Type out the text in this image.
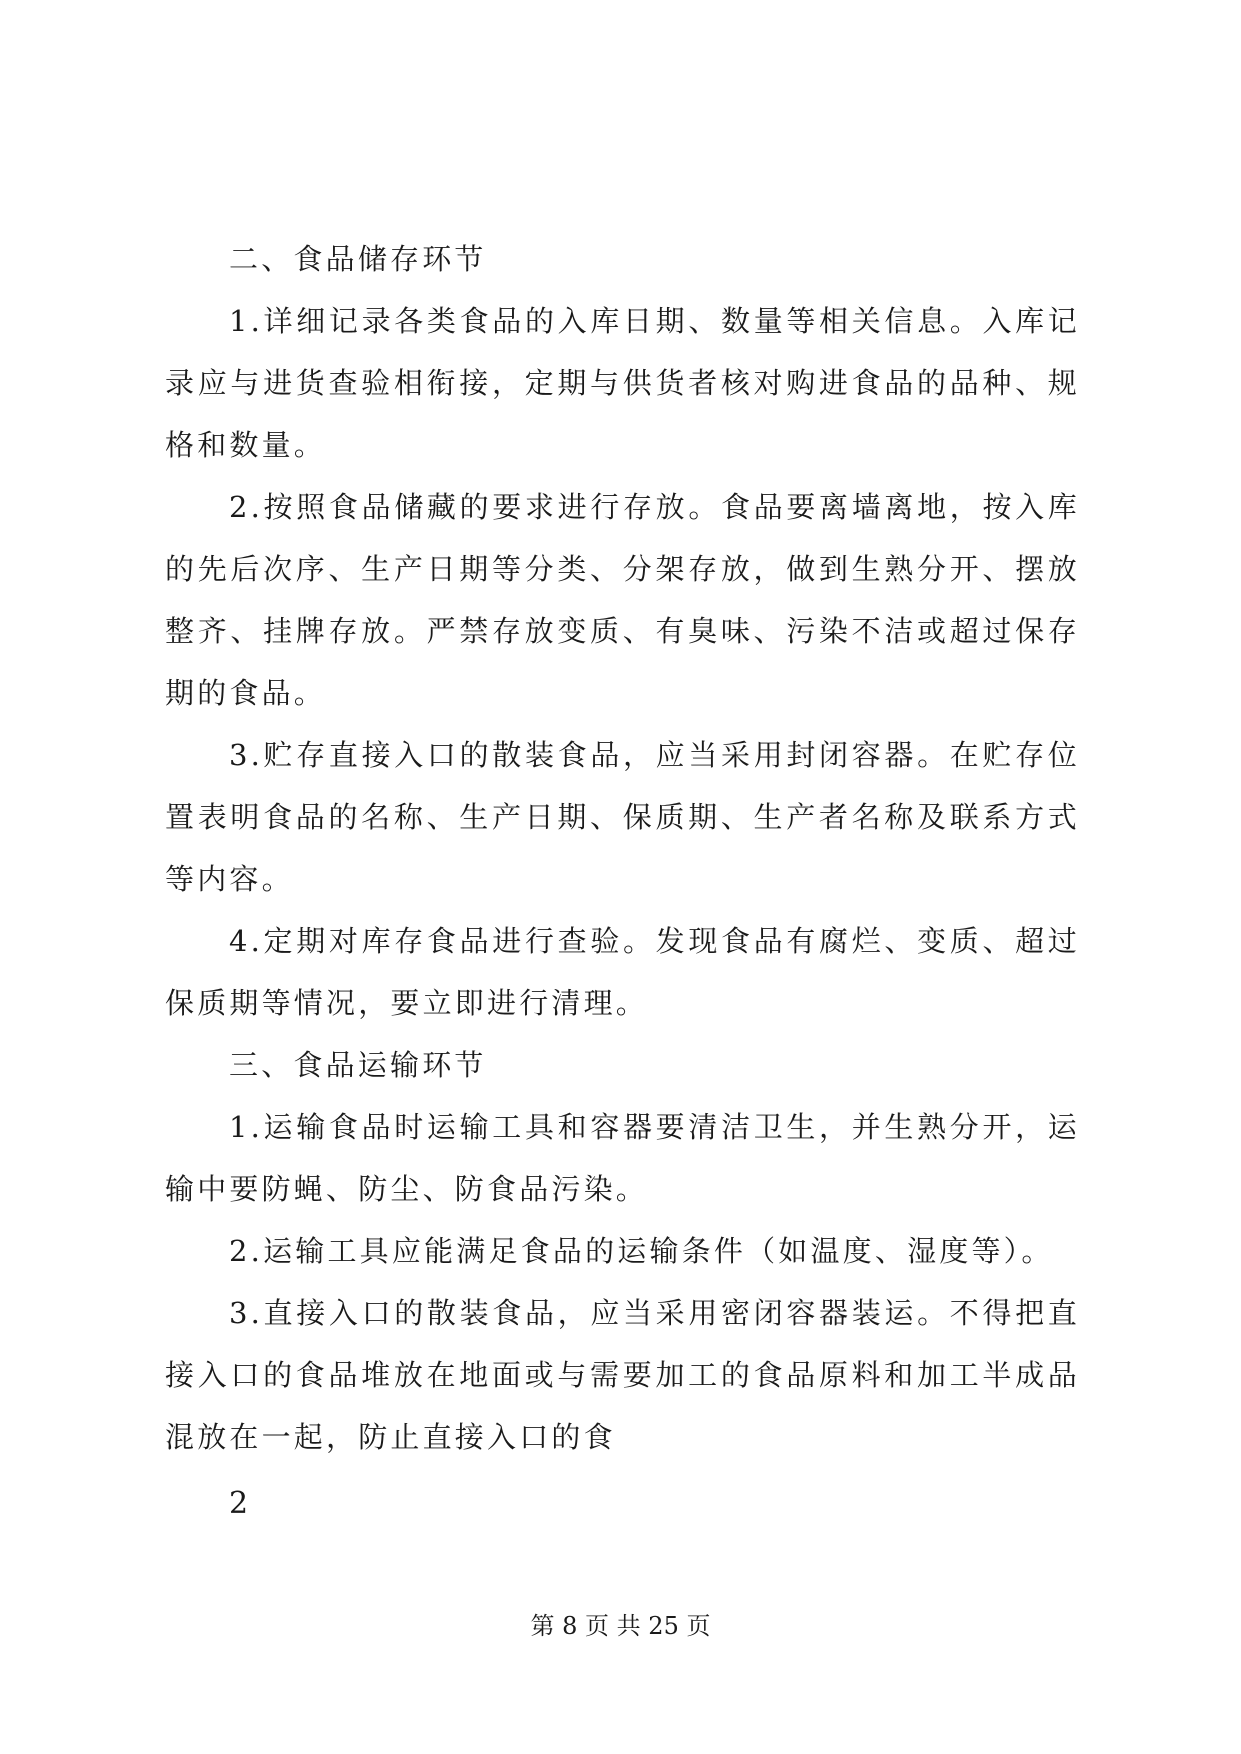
二、食品储存环节

1.详细记录各类食品的入库日期、数量等相关信息。入库记录应与进货查验相衔接，定期与供货者核对购进食品的品种、规格和数量。

2.按照食品储藏的要求进行存放。食品要离墙离地，按入库的先后次序、生产日期等分类、分架存放，做到生熟分开、摆放整齐、挂牌存放。严禁存放变质、有臭味、污染不洁或超过保存期的食品。

3.贮存直接入口的散装食品，应当采用封闭容器。在贮存位置表明食品的名称、生产日期、保质期、生产者名称及联系方式等内容。

4.定期对库存食品进行查验。发现食品有腐烂、变质、超过保质期等情况，要立即进行清理。

三、食品运输环节

1.运输食品时运输工具和容器要清洁卫生，并生熟分开，运输中要防蝇、防尘、防食品污染。

2.运输工具应能满足食品的运输条件（如温度、湿度等）。

3.直接入口的散装食品，应当采用密闭容器装运。不得把直接入口的食品堆放在地面或与需要加工的食品原料和加工半成品混放在一起，防止直接入口的食

2
第 8 页 共 25 页
